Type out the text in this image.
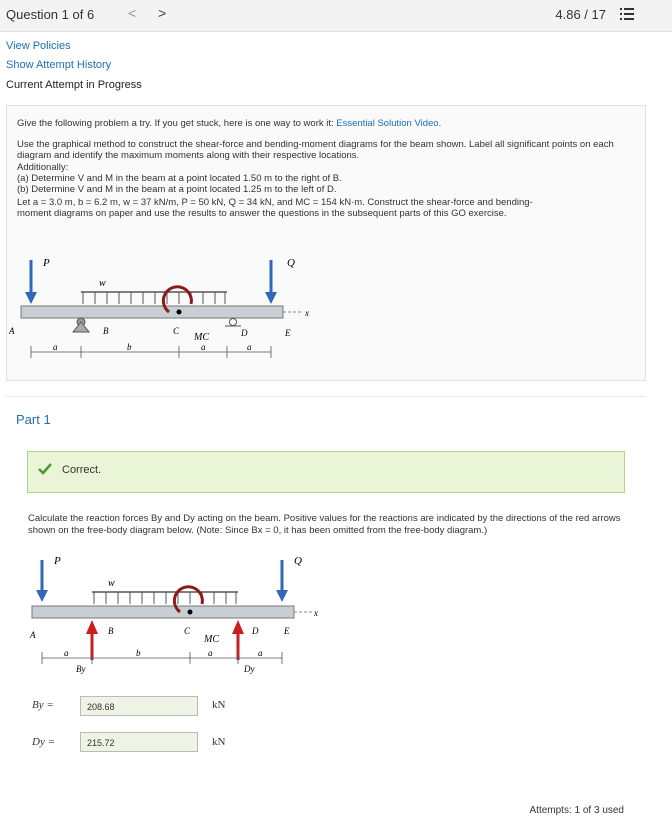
Question 1 of 6 < >	4.86 / 17
View Policies
Show Attempt History
Current Attempt in Progress
Give the following problem a try. If you get stuck, here is one way to work it: Essential Solution Video.
Use the graphical method to construct the shear-force and bending-moment diagrams for the beam shown. Label all significant points on each diagram and identify the maximum moments along with their respective locations.
Additionally:
(a) Determine V and M in the beam at a point located 1.50 m to the right of B.
(b) Determine V and M in the beam at a point located 1.25 m to the left of D.
Let a = 3.0 m, b = 6.2 m, w = 37 kN/m, P = 50 kN, Q = 34 kN, and MC = 154 kN·m. Construct the shear-force and bending-
moment diagrams on paper and use the results to answer the questions in the subsequent parts of this GO exercise.
P	Q
w
x
MC
A	B	C	D	E
a	b	a	a
Part 1
Correct.
Calculate the reaction forces By and Dy acting on the beam. Positive values for the reactions are indicated by the directions of the red arrows shown on the free-body diagram below. (Note: Since Bx = 0, it has been omitted from the free-body diagram.)
P	Q
w
x
MC
A	B	C	D	E
a	b	a	a
By	Dy
By =	208.68	kN
Dy =	215.72	kN
Attempts: 1 of 3 used
